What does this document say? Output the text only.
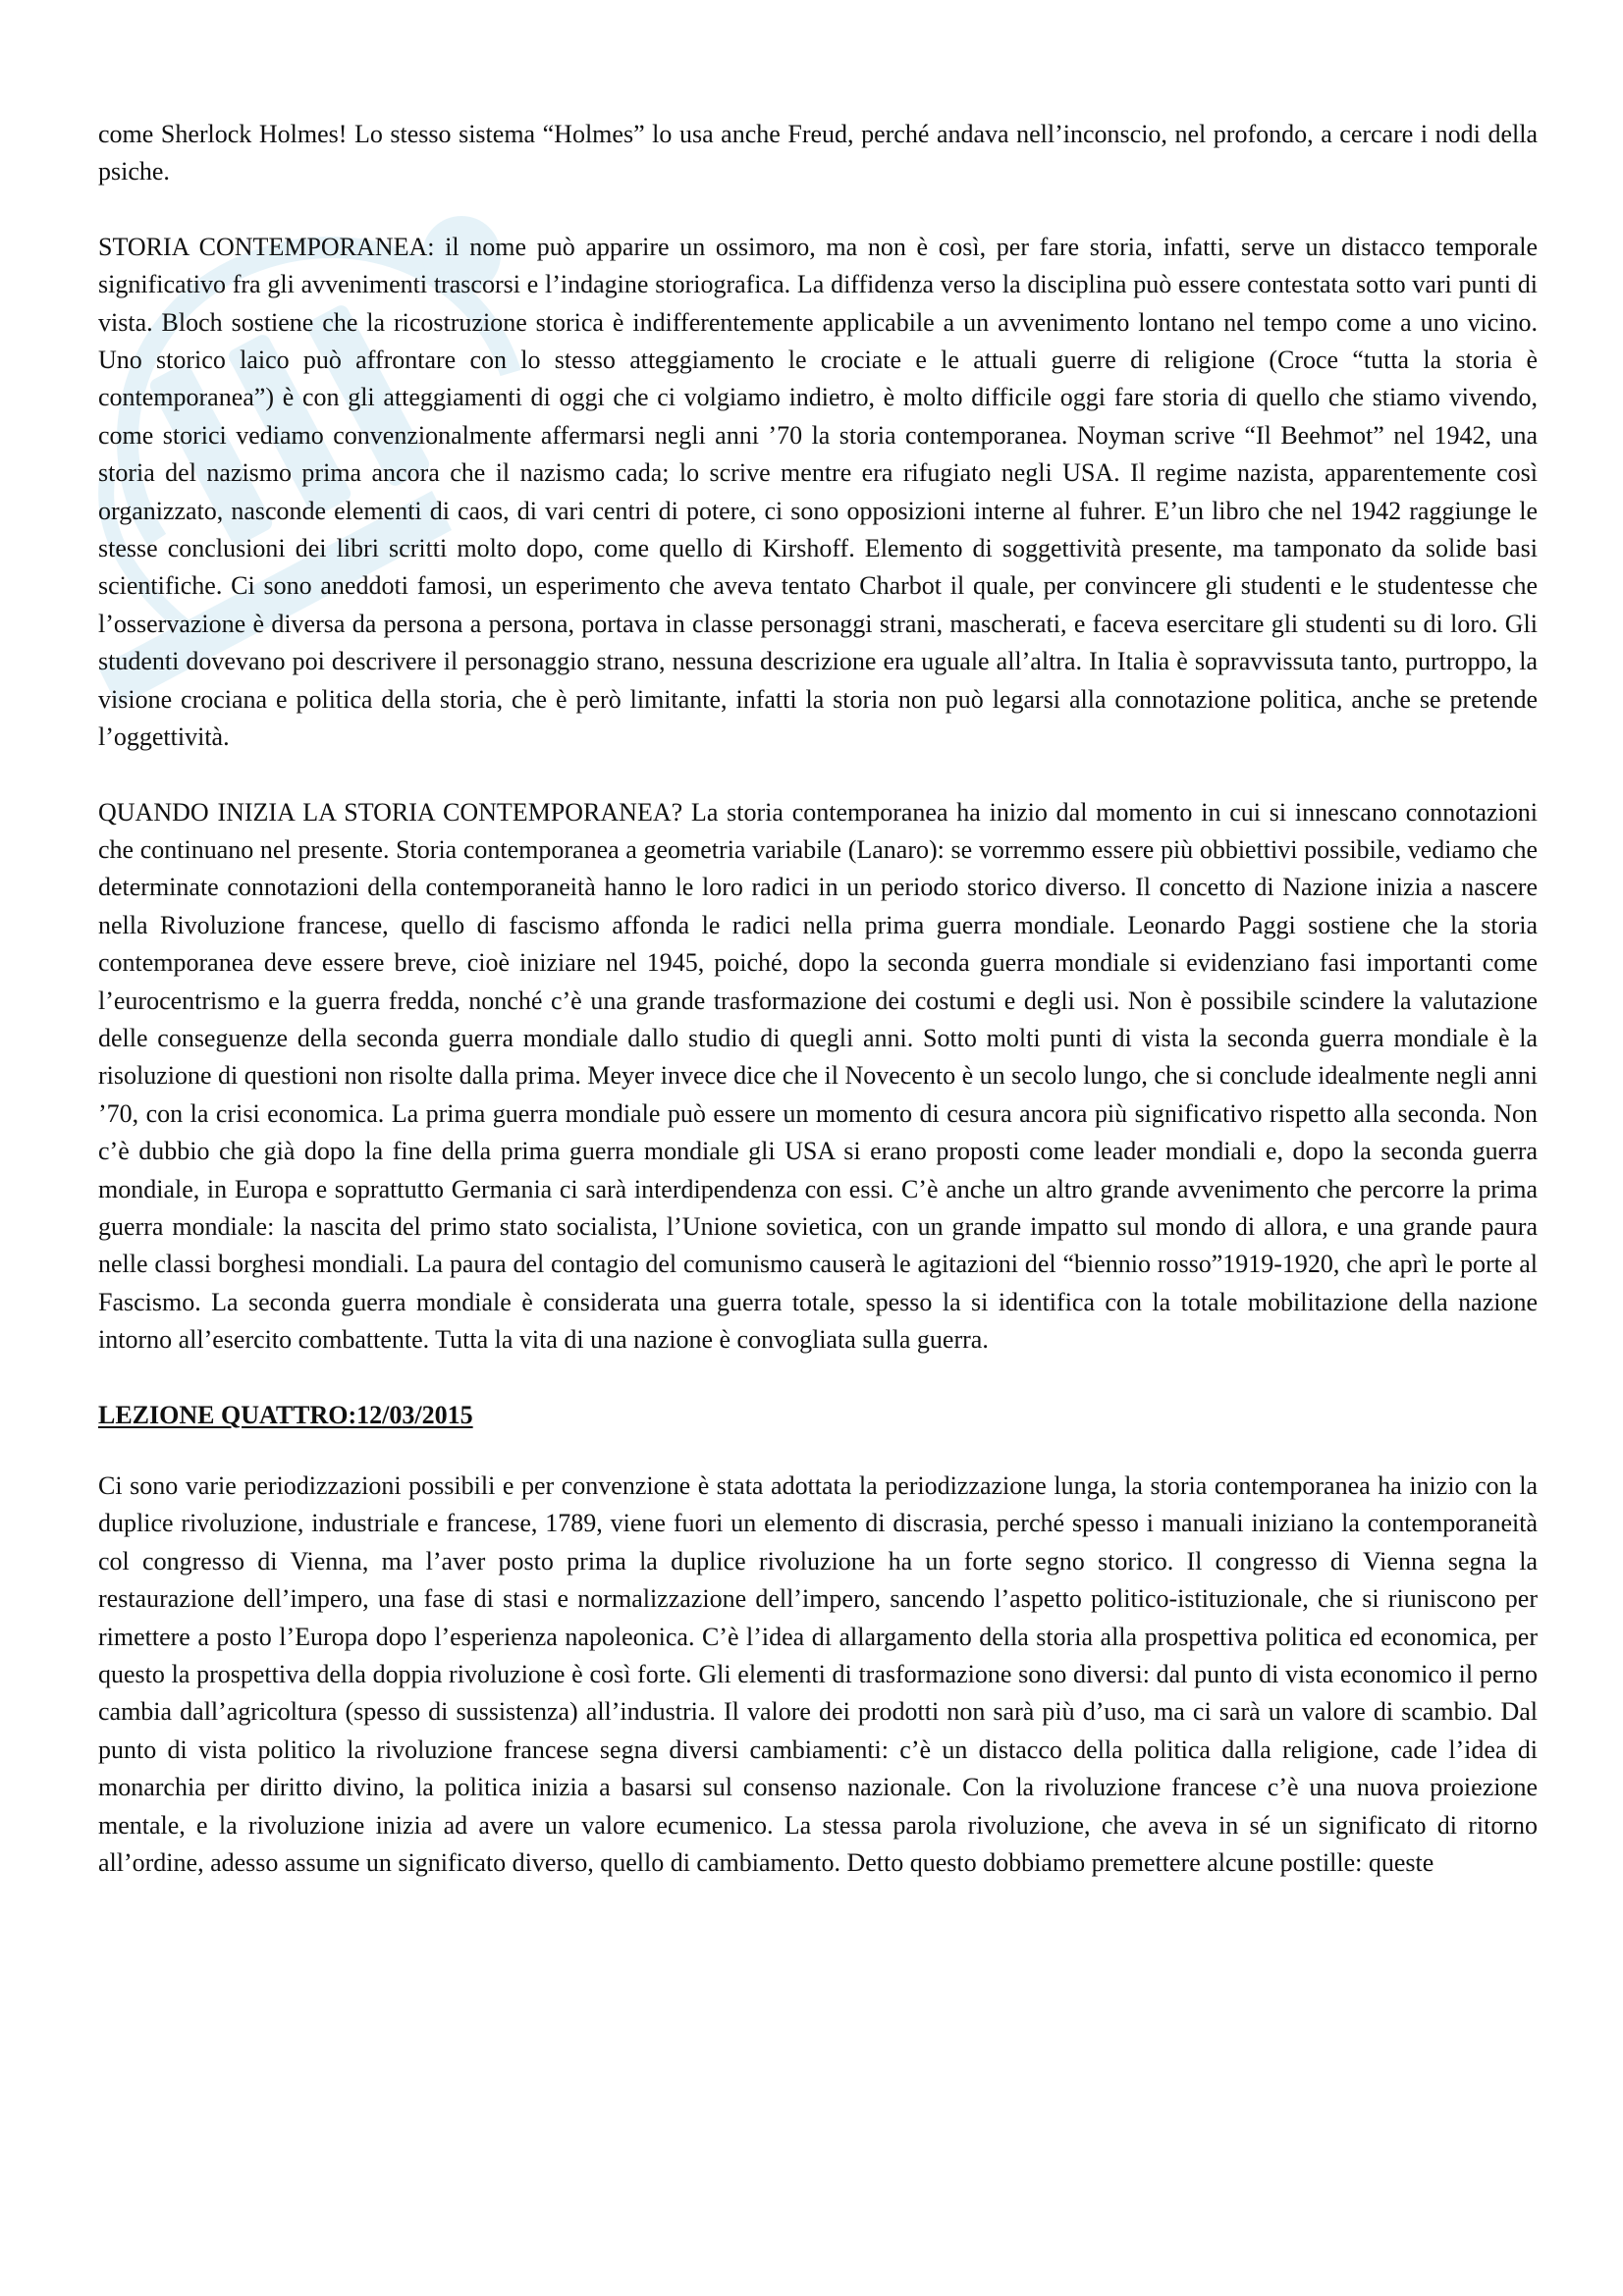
come Sherlock Holmes! Lo stesso sistema “Holmes” lo usa anche Freud, perché andava nell’inconscio, nel profondo, a cercare i nodi della psiche.

STORIA CONTEMPORANEA: il nome può apparire un ossimoro, ma non è così, per fare storia, infatti, serve un distacco temporale significativo fra gli avvenimenti trascorsi e l’indagine storiografica. La diffidenza verso la disciplina può essere contestata sotto vari punti di vista. Bloch sostiene che la ricostruzione storica è indifferentemente applicabile a un avvenimento lontano nel tempo come a uno vicino. Uno storico laico può affrontare con lo stesso atteggiamento le crociate e le attuali guerre di religione (Croce “tutta la storia è contemporanea”) è con gli atteggiamenti di oggi che ci volgiamo indietro, è molto difficile oggi fare storia di quello che stiamo vivendo, come storici vediamo convenzionalmente affermarsi negli anni ’70 la storia contemporanea. Noyman scrive “Il Beehmot” nel 1942, una storia del nazismo prima ancora che il nazismo cada; lo scrive mentre era rifugiato negli USA. Il regime nazista, apparentemente così organizzato, nasconde elementi di caos, di vari centri di potere, ci sono opposizioni interne al fuhrer. E’un libro che nel 1942 raggiunge le stesse conclusioni dei libri scritti molto dopo, come quello di Kirshoff. Elemento di soggettività presente, ma tamponato da solide basi scientifiche. Ci sono aneddoti famosi, un esperimento che aveva tentato Charbot il quale, per convincere gli studenti e le studentesse che l’osservazione è diversa da persona a persona, portava in classe personaggi strani, mascherati, e faceva esercitare gli studenti su di loro. Gli studenti dovevano poi descrivere il personaggio strano, nessuna descrizione era uguale all’altra. In Italia è sopravvissuta tanto, purtroppo, la visione crociana e politica della storia, che è però limitante, infatti la storia non può legarsi alla connotazione politica, anche se pretende l’oggettività.

QUANDO INIZIA LA STORIA CONTEMPORANEA? La storia contemporanea ha inizio dal momento in cui si innescano connotazioni che continuano nel presente. Storia contemporanea a geometria variabile (Lanaro): se vorremmo essere più obbiettivi possibile, vediamo che determinate connotazioni della contemporaneità hanno le loro radici in un periodo storico diverso. Il concetto di Nazione inizia a nascere nella Rivoluzione francese, quello di fascismo affonda le radici nella prima guerra mondiale. Leonardo Paggi sostiene che la storia contemporanea deve essere breve, cioè iniziare nel 1945, poiché, dopo la seconda guerra mondiale si evidenziano fasi importanti come l’eurocentrismo e la guerra fredda, nonché c’è una grande trasformazione dei costumi e degli usi. Non è possibile scindere la valutazione delle conseguenze della seconda guerra mondiale dallo studio di quegli anni. Sotto molti punti di vista la seconda guerra mondiale è la risoluzione di questioni non risolte dalla prima. Meyer invece dice che il Novecento è un secolo lungo, che si conclude idealmente negli anni ’70, con la crisi economica. La prima guerra mondiale può essere un momento di cesura ancora più significativo rispetto alla seconda. Non c’è dubbio che già dopo la fine della prima guerra mondiale gli USA si erano proposti come leader mondiali e, dopo la seconda guerra mondiale, in Europa e soprattutto Germania ci sarà interdipendenza con essi. C’è anche un altro grande avvenimento che percorre la prima guerra mondiale: la nascita del primo stato socialista, l’Unione sovietica, con un grande impatto sul mondo di allora, e una grande paura nelle classi borghesi mondiali. La paura del contagio del comunismo causerà le agitazioni del “biennio rosso”1919-1920, che aprì le porte al Fascismo. La seconda guerra mondiale è considerata una guerra totale, spesso la si identifica con la totale mobilitazione della nazione intorno all’esercito combattente. Tutta la vita di una nazione è convogliata sulla guerra.

LEZIONE QUATTRO:12/03/2015

Ci sono varie periodizzazioni possibili e per convenzione è stata adottata la periodizzazione lunga, la storia contemporanea ha inizio con la duplice rivoluzione, industriale e francese, 1789, viene fuori un elemento di discrasia, perché spesso i manuali iniziano la contemporaneità col congresso di Vienna, ma l’aver posto prima la duplice rivoluzione ha un forte segno storico. Il congresso di Vienna segna la restaurazione dell’impero, una fase di stasi e normalizzazione dell’impero, sancendo l’aspetto politico-istituzionale, che si riuniscono per rimettere a posto l’Europa dopo l’esperienza napoleonica. C’è l’idea di allargamento della storia alla prospettiva politica ed economica, per questo la prospettiva della doppia rivoluzione è così forte. Gli elementi di trasformazione sono diversi: dal punto di vista economico il perno cambia dall’agricoltura (spesso di sussistenza) all’industria. Il valore dei prodotti non sarà più d’uso, ma ci sarà un valore di scambio. Dal punto di vista politico la rivoluzione francese segna diversi cambiamenti: c’è un distacco della politica dalla religione, cade l’idea di monarchia per diritto divino, la politica inizia a basarsi sul consenso nazionale. Con la rivoluzione francese c’è una nuova proiezione mentale, e la rivoluzione inizia ad avere un valore ecumenico. La stessa parola rivoluzione, che aveva in sé un significato di ritorno all’ordine, adesso assume un significato diverso, quello di cambiamento. Detto questo dobbiamo premettere alcune postille: queste
